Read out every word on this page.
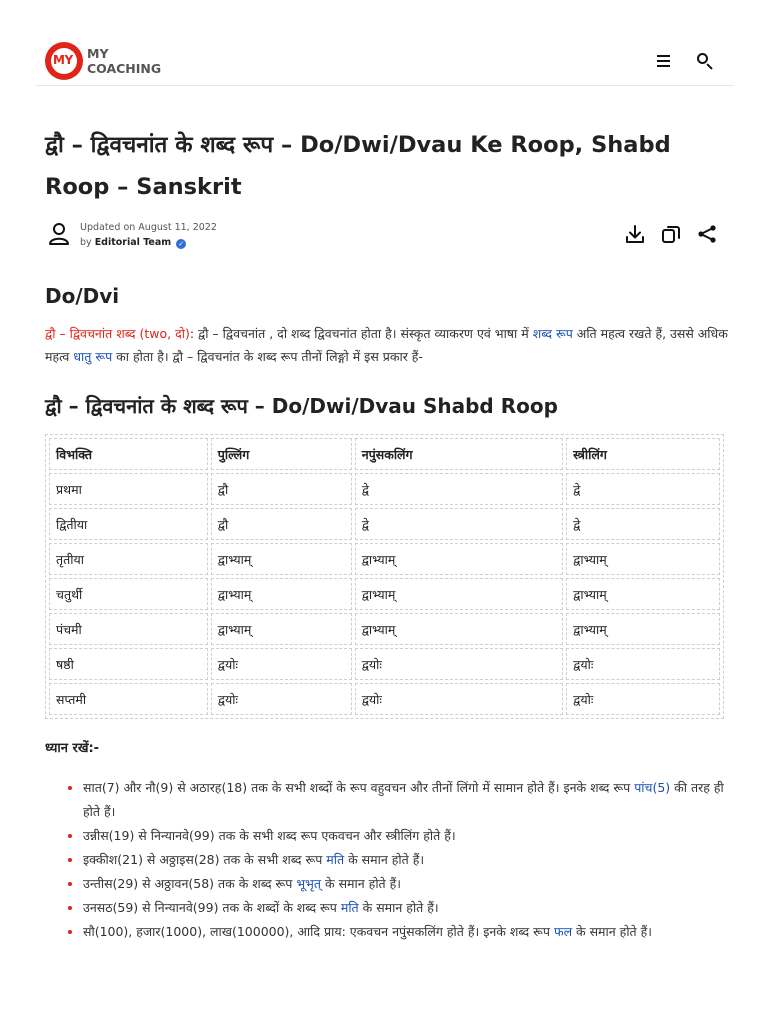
MY MY
COACHING
द्वौ – द्विवचनांत के शब्द रूप – Do/Dwi/Dvau Ke Roop, Shabd Roop – Sanskrit
Updated on August 11, 2022
by Editorial Team ✓
Do/Dvi

द्वौ – द्विवचनांत शब्द (two, दो): द्वौ – द्विवचनांत , दो शब्द द्विवचनांत होता है। संस्कृत व्याकरण एवं भाषा में शब्द रूप अति महत्व रखते हैं, उससे अधिक महत्व धातु रूप का होता है। द्वौ – द्विवचनांत के शब्द रूप तीनों लिङ्गो में इस प्रकार हैं-

द्वौ – द्विवचनांत के शब्द रूप – Do/Dwi/Dvau Shabd Roop
विभक्ति	पुल्लिंग	नपुंसकलिंग	स्त्रीलिंग
प्रथमा	द्वौ	द्वे	द्वे
द्वितीया	द्वौ	द्वे	द्वे
तृतीया	द्वाभ्याम्	द्वाभ्याम्	द्वाभ्याम्
चतुर्थी	द्वाभ्याम्	द्वाभ्याम्	द्वाभ्याम्
पंचमी	द्वाभ्याम्	द्वाभ्याम्	द्वाभ्याम्
षष्ठी	द्वयोः	द्वयोः	द्वयोः
सप्तमी	द्वयोः	द्वयोः	द्वयोः
ध्यान रखें:-
सात(7) और नौ(9) से अठारह(18) तक के सभी शब्दों के रूप वहुवचन और तीनों लिंगो में सामान होते हैं। इनके शब्द रूप पांच(5) की तरह ही होते हैं।
उन्नीस(19) से निन्यानवे(99) तक के सभी शब्द रूप एकवचन और स्त्रीलिंग होते हैं।
इक्कीश(21) से अठ्ठाइस(28) तक के सभी शब्द रूप मति के समान होते हैं।
उन्तीस(29) से अठ्ठावन(58) तक के शब्द रूप भूभृत् के समान होते हैं।
उनसठ(59) से निन्यानवे(99) तक के शब्दों के शब्द रूप मति के समान होते हैं।
सौ(100), हजार(1000), लाख(100000), आदि प्राय: एकवचन नपुंसकलिंग होते हैं। इनके शब्द रूप फल के समान होते हैं।
